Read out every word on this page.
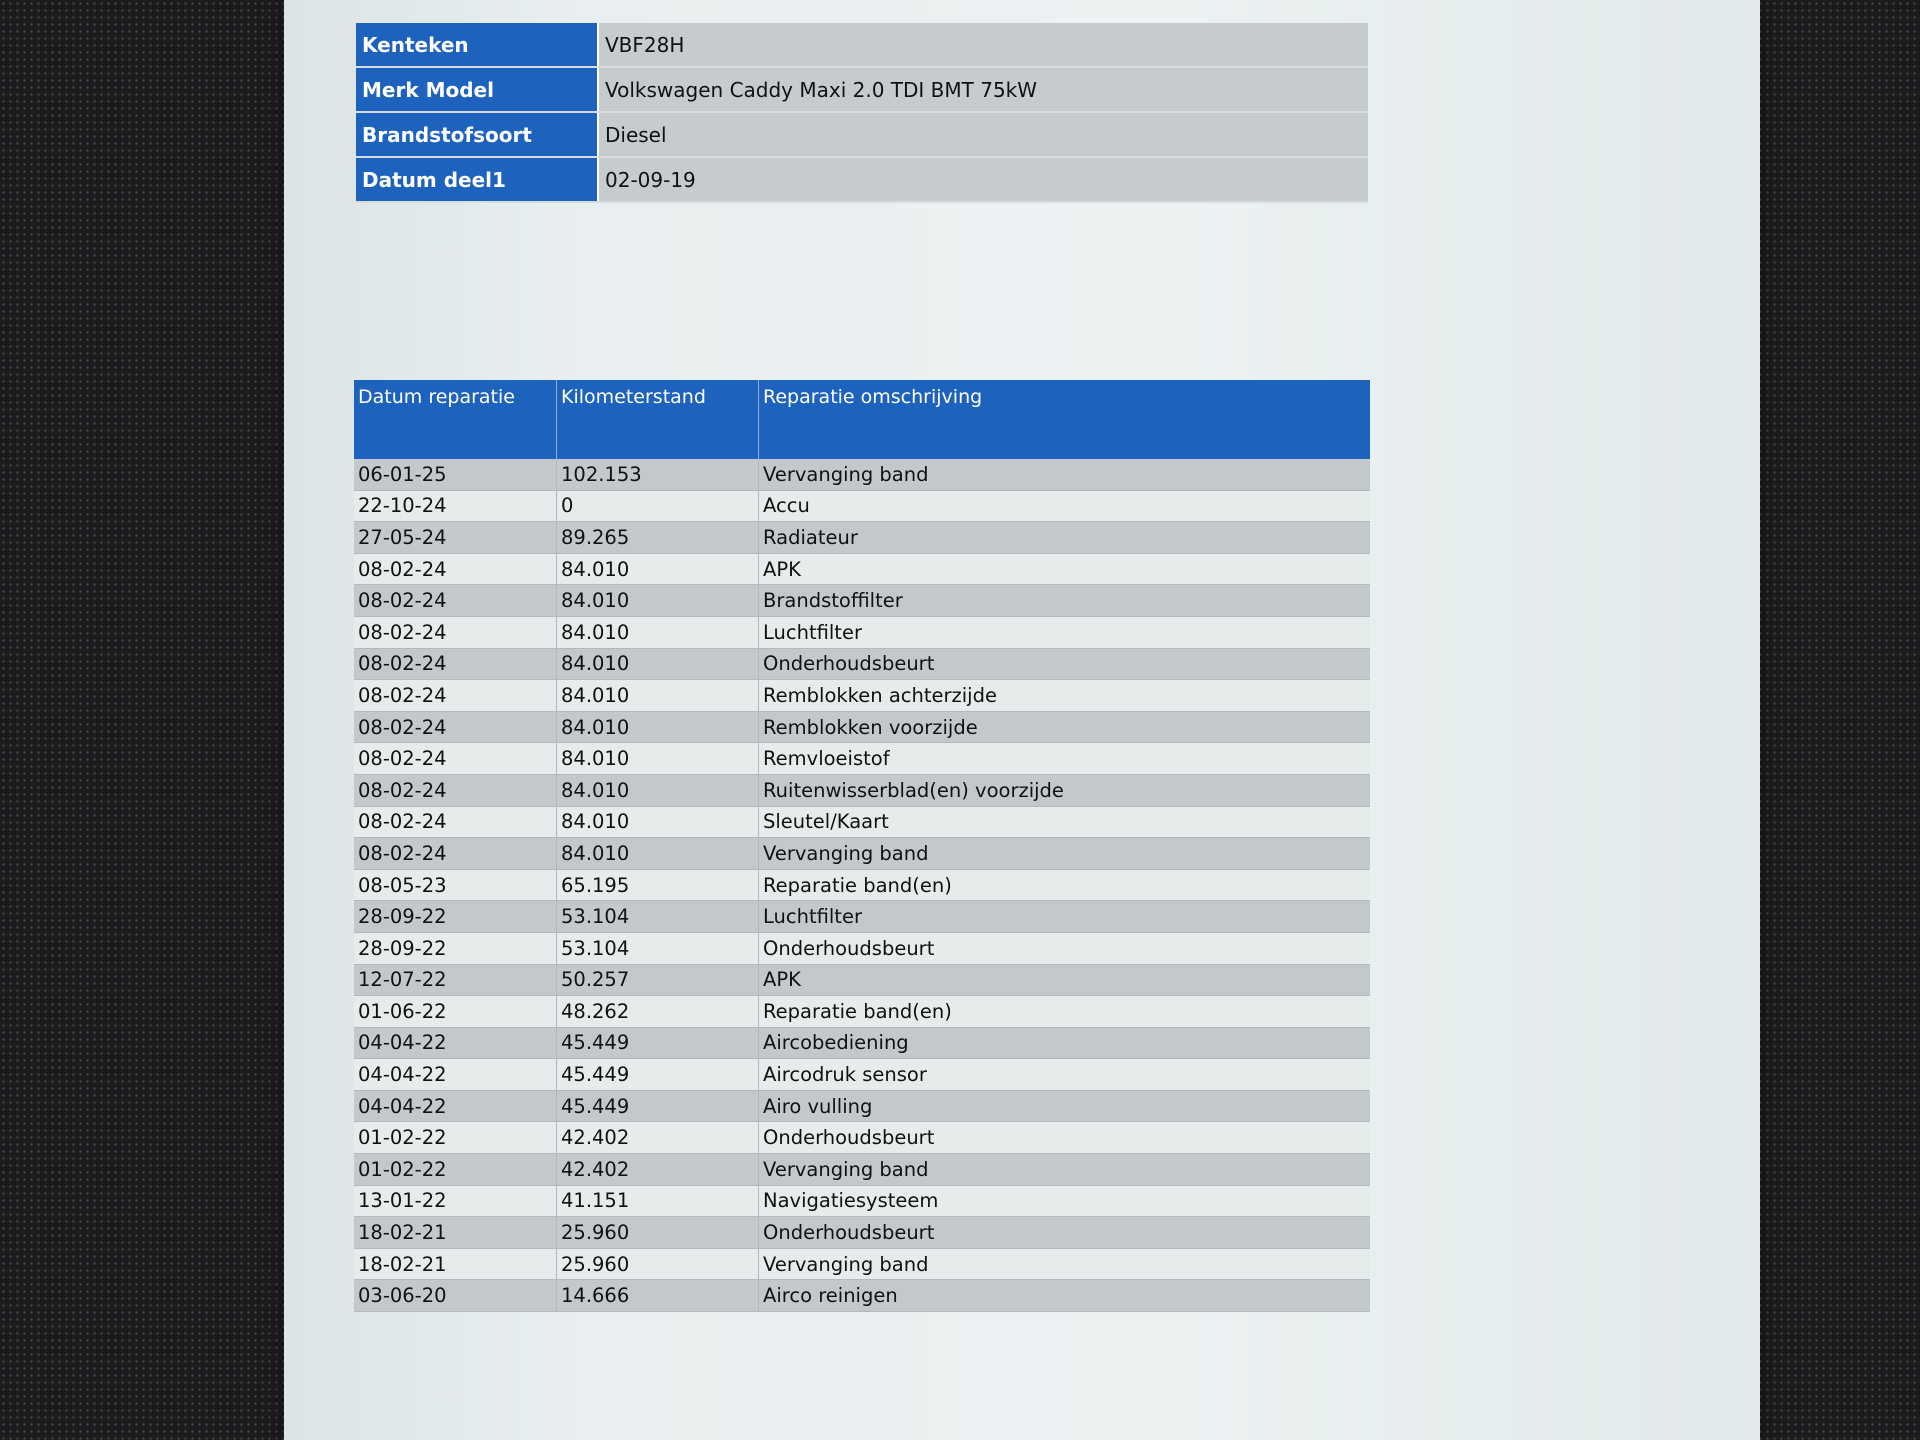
Kenteken	VBF28H
Merk Model	Volkswagen Caddy Maxi 2.0 TDI BMT 75kW
Brandstofsoort	Diesel
Datum deel1	02-09-19
Datum reparatie	Kilometerstand	Reparatie omschrijving
06-01-25	102.153	Vervanging band
22-10-24	0	Accu
27-05-24	89.265	Radiateur
08-02-24	84.010	APK
08-02-24	84.010	Brandstoffilter
08-02-24	84.010	Luchtfilter
08-02-24	84.010	Onderhoudsbeurt
08-02-24	84.010	Remblokken achterzijde
08-02-24	84.010	Remblokken voorzijde
08-02-24	84.010	Remvloeistof
08-02-24	84.010	Ruitenwisserblad(en) voorzijde
08-02-24	84.010	Sleutel/Kaart
08-02-24	84.010	Vervanging band
08-05-23	65.195	Reparatie band(en)
28-09-22	53.104	Luchtfilter
28-09-22	53.104	Onderhoudsbeurt
12-07-22	50.257	APK
01-06-22	48.262	Reparatie band(en)
04-04-22	45.449	Aircobediening
04-04-22	45.449	Aircodruk sensor
04-04-22	45.449	Airo vulling
01-02-22	42.402	Onderhoudsbeurt
01-02-22	42.402	Vervanging band
13-01-22	41.151	Navigatiesysteem
18-02-21	25.960	Onderhoudsbeurt
18-02-21	25.960	Vervanging band
03-06-20	14.666	Airco reinigen
